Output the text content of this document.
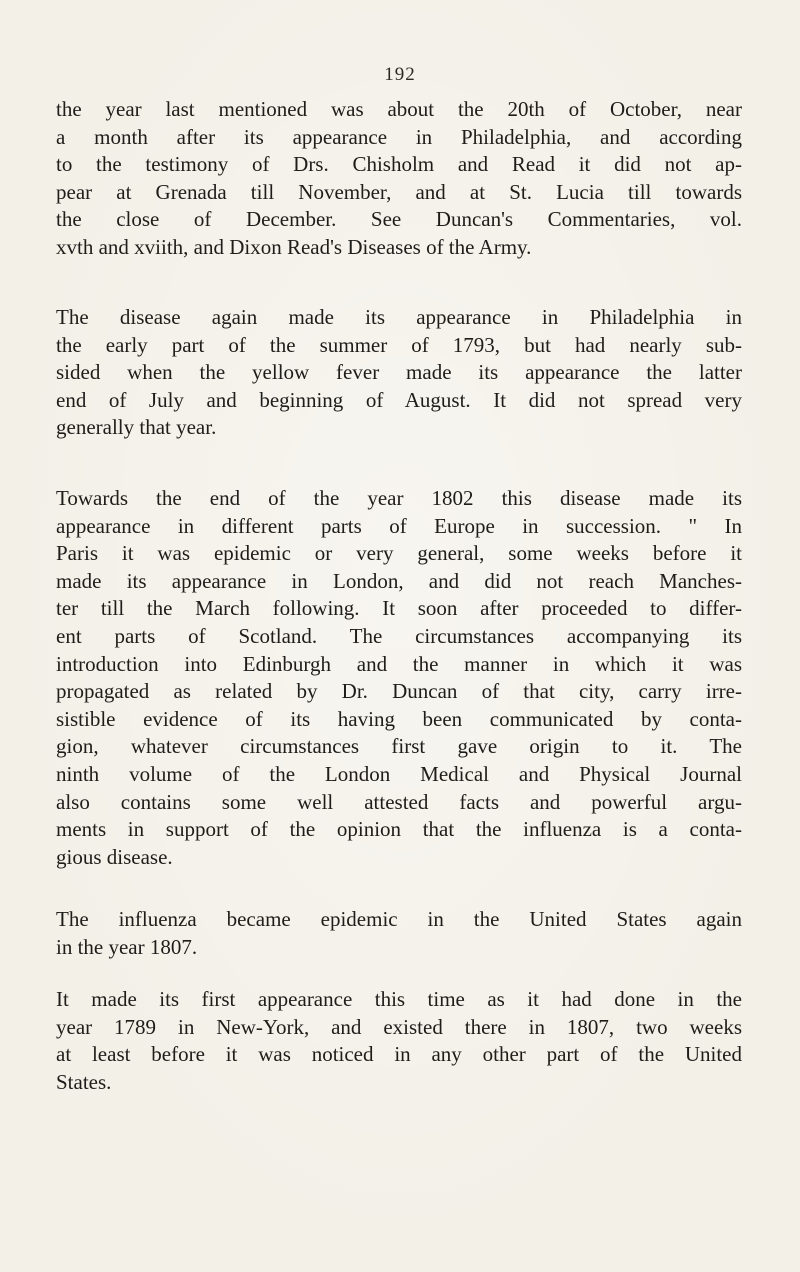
192
the year last mentioned was about the 20th of October, near
a month after its appearance in Philadelphia, and according
to the testimony of Drs. Chisholm and Read it did not ap-
pear at Grenada till November, and at St. Lucia till towards
the close of December. See Duncan's Commentaries, vol.
xvth and xviith, and Dixon Read's Diseases of the Army.
The disease again made its appearance in Philadelphia in
the early part of the summer of 1793, but had nearly sub-
sided when the yellow fever made its appearance the latter
end of July and beginning of August. It did not spread very
generally that year.
Towards the end of the year 1802 this disease made its
appearance in different parts of Europe in succession. " In
Paris it was epidemic or very general, some weeks before it
made its appearance in London, and did not reach Manches-
ter till the March following. It soon after proceeded to differ-
ent parts of Scotland. The circumstances accompanying its
introduction into Edinburgh and the manner in which it was
propagated as related by Dr. Duncan of that city, carry irre-
sistible evidence of its having been communicated by conta-
gion, whatever circumstances first gave origin to it. The
ninth volume of the London Medical and Physical Journal
also contains some well attested facts and powerful argu-
ments in support of the opinion that the influenza is a conta-
gious disease.
The influenza became epidemic in the United States again
in the year 1807.
It made its first appearance this time as it had done in the
year 1789 in New-York, and existed there in 1807, two weeks
at least before it was noticed in any other part of the United
States.
